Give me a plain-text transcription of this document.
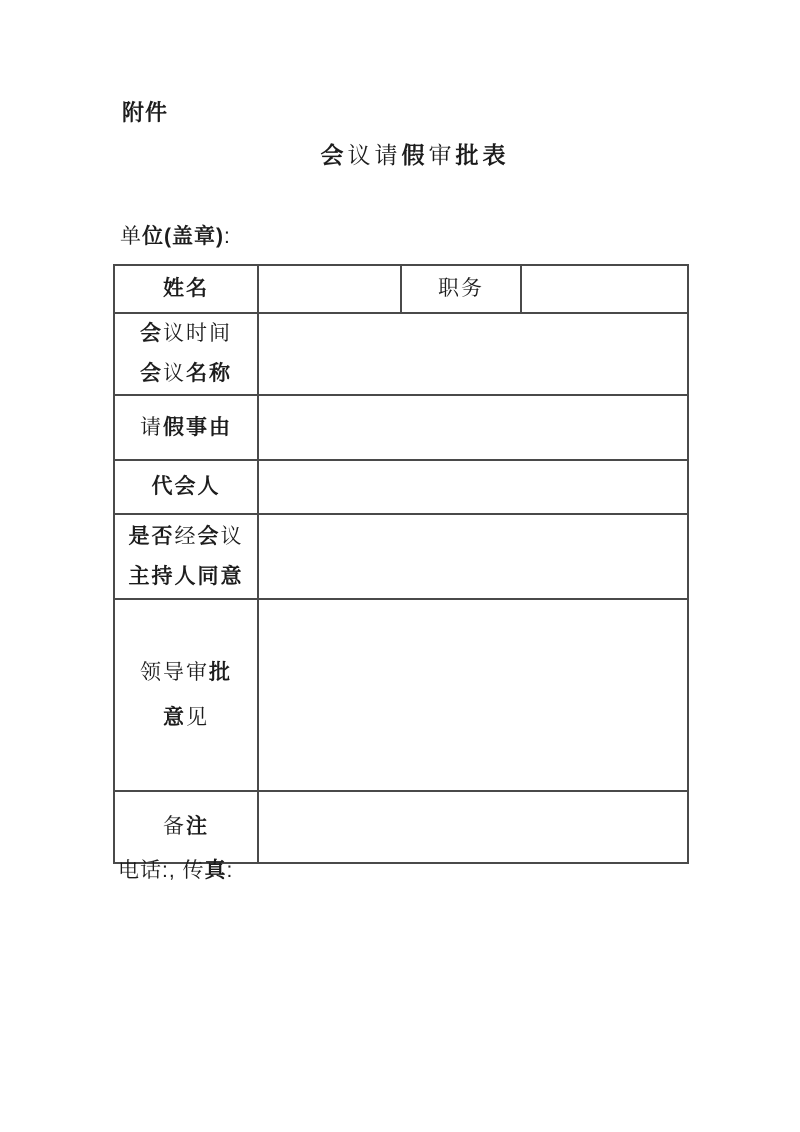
附件
会议请假审批表
单位(盖章):
姓名		职务	
会议时间
会议名称			
请假事由			
代会人			
是否经会议
主持人同意			
领导审批
意见			
备注			
电话:, 传真:
